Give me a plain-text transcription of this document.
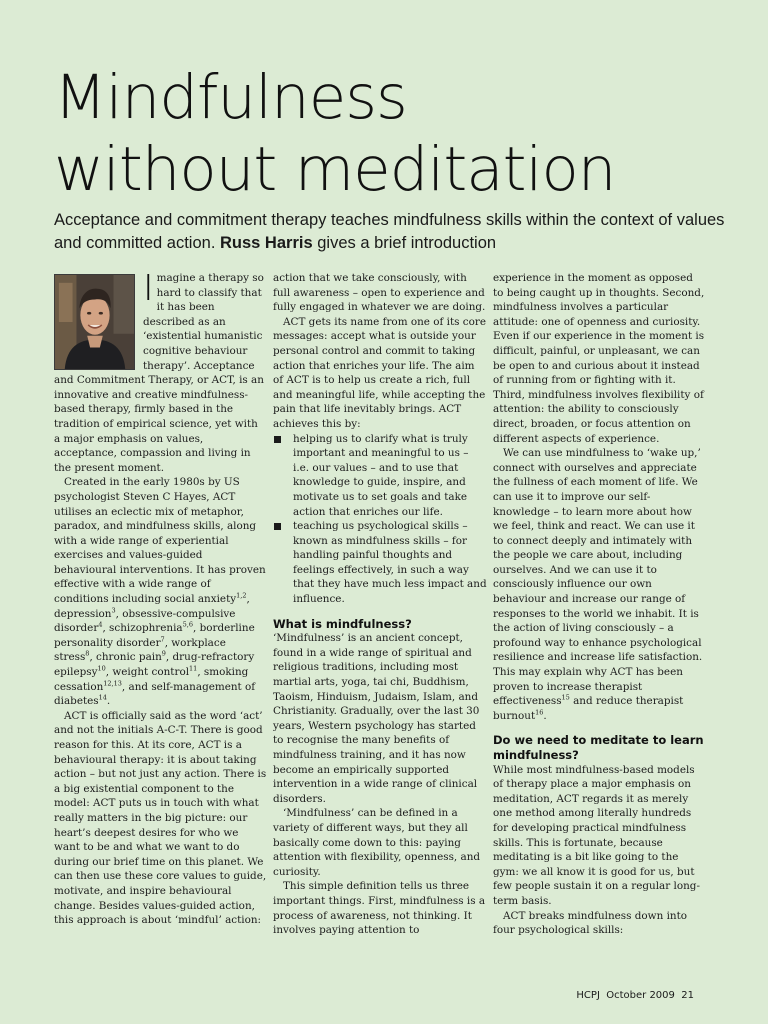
Mindfulness
without meditation
Acceptance and commitment therapy teaches mindfulness skills within the context of values and committed action. Russ Harris gives a brief introduction
I magine a therapy so hard to classify that it has been described as an ‘existential humanistic cognitive behaviour therapy’. Acceptance and Commitment Therapy, or ACT, is an innovative and creative mindfulness-based therapy, firmly based in the tradition of empirical science, yet with a major emphasis on values, acceptance, compassion and living in the present moment.

Created in the early 1980s by US psychologist Steven C Hayes, ACT utilises an eclectic mix of metaphor, paradox, and mindfulness skills, along with a wide range of experiential exercises and values-guided behavioural interventions. It has proven effective with a wide range of conditions including social anxiety$^{1,2}$, depression$^3$, obsessive-compulsive disorder$^4$, schizophrenia$^{5,6}$, borderline personality disorder$^7$, workplace stress$^8$, chronic pain$^9$, drug-refractory epilepsy$^{10}$, weight control$^{11}$, smoking cessation$^{12,13}$, and self-management of diabetes$^{14}$.

ACT is officially said as the word ‘act’ and not the initials A-C-T. There is good reason for this. At its core, ACT is a behavioural therapy: it is about taking action – but not just any action. There is a big existential component to the model: ACT puts us in touch with what really matters in the big picture: our heart’s deepest desires for who we want to be and what we want to do during our brief time on this planet. We can then use these core values to guide, motivate, and inspire behavioural change. Besides values-guided action, this approach is about ‘mindful’ action:

action that we take consciously, with full awareness – open to experience and fully engaged in whatever we are doing.

ACT gets its name from one of its core messages: accept what is outside your personal control and commit to taking action that enriches your life. The aim of ACT is to help us create a rich, full and meaningful life, while accepting the pain that life inevitably brings. ACT achieves this by:

helping us to clarify what is truly important and meaningful to us – i.e. our values – and to use that knowledge to guide, inspire, and motivate us to set goals and take action that enriches our life.
teaching us psychological skills – known as mindfulness skills – for handling painful thoughts and feelings effectively, in such a way that they have much less impact and influence.
What is mindfulness?

‘Mindfulness’ is an ancient concept, found in a wide range of spiritual and religious traditions, including most martial arts, yoga, tai chi, Buddhism, Taoism, Hinduism, Judaism, Islam, and Christianity. Gradually, over the last 30 years, Western psychology has started to recognise the many benefits of mindfulness training, and it has now become an empirically supported intervention in a wide range of clinical disorders.

‘Mindfulness’ can be defined in a variety of different ways, but they all basically come down to this: paying attention with flexibility, openness, and curiosity.

This simple definition tells us three important things. First, mindfulness is a process of awareness, not thinking. It involves paying attention to

experience in the moment as opposed to being caught up in thoughts. Second, mindfulness involves a particular attitude: one of openness and curiosity. Even if our experience in the moment is difficult, painful, or unpleasant, we can be open to and curious about it instead of running from or fighting with it. Third, mindfulness involves flexibility of attention: the ability to consciously direct, broaden, or focus attention on different aspects of experience.

We can use mindfulness to ‘wake up,’ connect with ourselves and appreciate the fullness of each moment of life. We can use it to improve our self-knowledge – to learn more about how we feel, think and react. We can use it to connect deeply and intimately with the people we care about, including ourselves. And we can use it to consciously influence our own behaviour and increase our range of responses to the world we inhabit. It is the action of living consciously – a profound way to enhance psychological resilience and increase life satisfaction. This may explain why ACT has been proven to increase therapist effectiveness$^{15}$ and reduce therapist burnout$^{16}$.

Do we need to meditate to learn mindfulness?

While most mindfulness-based models of therapy place a major emphasis on meditation, ACT regards it as merely one method among literally hundreds for developing practical mindfulness skills. This is fortunate, because meditating is a bit like going to the gym: we all know it is good for us, but few people sustain it on a regular long-term basis.

ACT breaks mindfulness down into four psychological skills:

HCPJ October 2009 21
